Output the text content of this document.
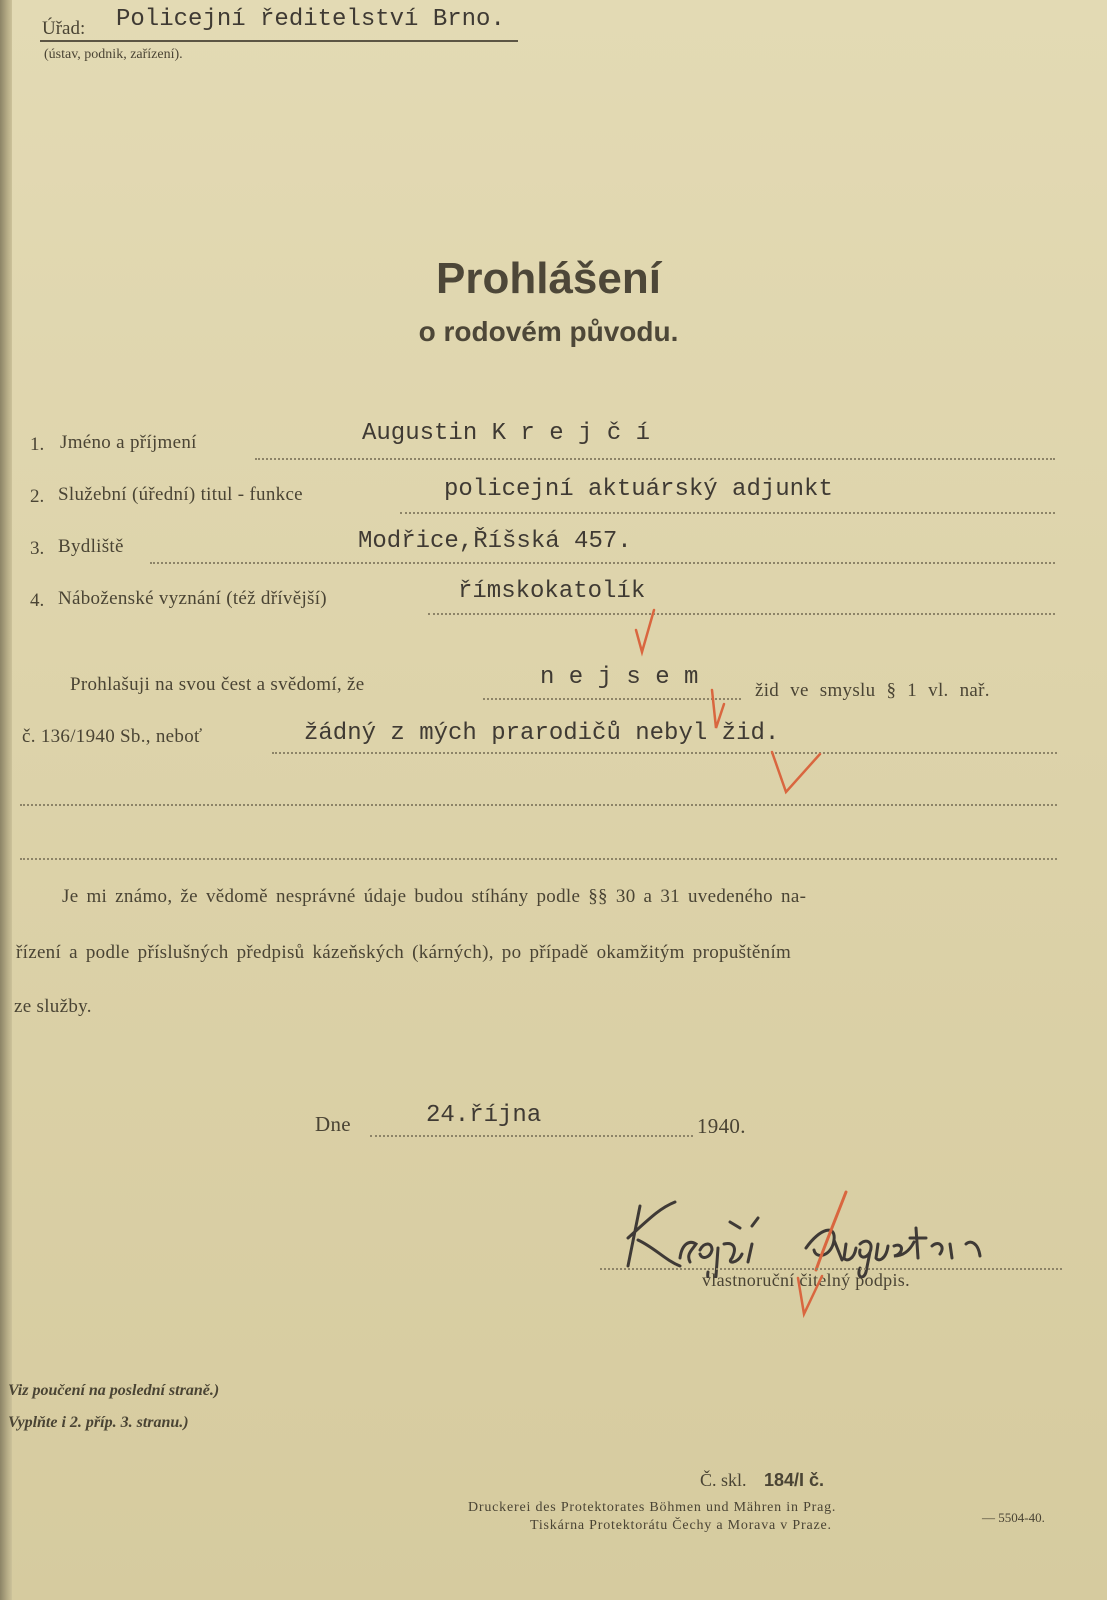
Úřad: Policejní ředitelství Brno.
(ústav, podnik, zařízení).
Prohlášení
o rodovém původu.
1. Jméno a příjmení	Augustin K r e j č í
2. Služební (úřední) titul - funkce	policejní aktuárský adjunkt
3. Bydliště	Modřice,Říšská 457.
4. Náboženské vyznání (též dřívější)	římskokatolík
Prohlašuji na svou čest a svědomí, že	n e j s e m	žid ve smyslu § 1 vl. nař.
č. 136/1940 Sb., neboť	žádný z mých prarodičů nebyl žid.
Je mi známo, že vědomě nesprávné údaje budou stíhány podle §§ 30 a 31 uvedeného na-
řízení a podle příslušných předpisů kázeňských (kárných), po případě okamžitým propuštěním
ze služby.
Dne	24.října	1940.
vlastnoruční čitelný podpis.
Viz poučení na poslední straně.)
Vyplňte i 2. příp. 3. stranu.)
Č. skl. 184/I č.
Druckerei des Protektorates Böhmen und Mähren in Prag.
Tiskárna Protektorátu Čechy a Morava v Praze.
— 5504-40.
